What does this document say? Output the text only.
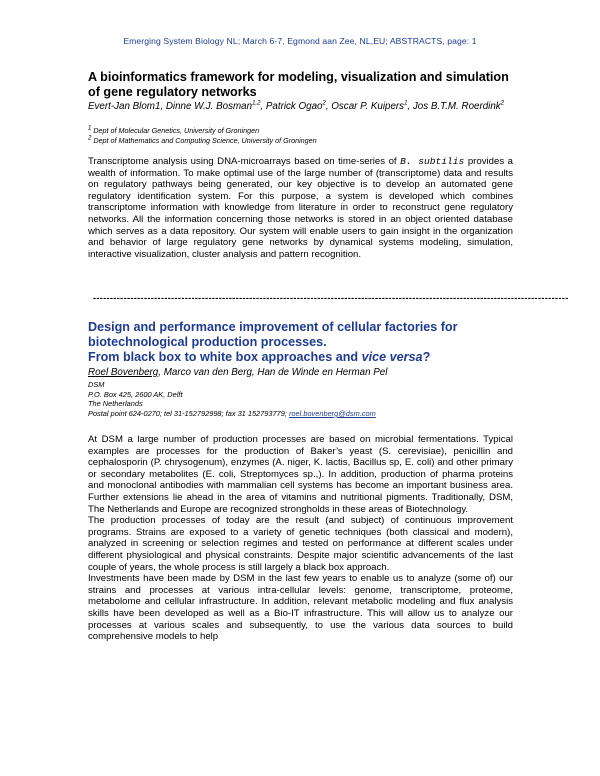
Emerging System Biology NL; March 6-7, Egmond aan Zee, NL,EU; ABSTRACTS, page: 1
A bioinformatics framework for modeling, visualization and simulation of gene regulatory networks
Evert-Jan Blom1, Dinne W.J. Bosman$^{1,2}$, Patrick Ogao$^2$, Oscar P. Kuipers$^1$, Jos B.T.M. Roerdink$^2$
$^1$ Dept of Molecular Genetics, University of Groningen
$^2$ Dept of Mathematics and Computing Science, University of Groningen
Transcriptome analysis using DNA-microarrays based on time-series of B. subtilis provides a wealth of information. To make optimal use of the large number of (transcriptome) data and results on regulatory pathways being generated, our key objective is to develop an automated gene regulatory identification system. For this purpose, a system is developed which combines transcriptome information with knowledge from literature in order to reconstruct gene regulatory networks. All the information concerning those networks is stored in an object oriented database which serves as a data repository. Our system will enable users to gain insight in the organization and behavior of large regulatory gene networks by dynamical systems modeling, simulation, interactive visualization, cluster analysis and pattern recognition.
--------------------------------------------------------------------------------------------------------------------------------------------
Design and performance improvement of cellular factories for biotechnological production processes.
From black box to white box approaches and vice versa?
Roel Bovenberg, Marco van den Berg, Han de Winde en Herman Pel
DSM
P.O. Box 425, 2600 AK, Delft
The Netherlands
Postal point 624-0270; tel 31-152792998; fax 31 152793779; roel.bovenberg@dsm.com

At DSM a large number of production processes are based on microbial fermentations. Typical examples are processes for the production of Baker’s yeast (S. cerevisiae), penicillin and cephalosporin (P. chrysogenum), enzymes (A. niger, K. lactis, Bacillus sp, E. coli) and other primary or secondary metabolites (E. coli, Streptomyces sp.,). In addition, production of pharma proteins and monoclonal antibodies with mammalian cell systems has become an important business area. Further extensions lie ahead in the area of vitamins and nutritional pigments. Traditionally, DSM, The Netherlands and Europe are recognized strongholds in these areas of Biotechnology.

The production processes of today are the result (and subject) of continuous improvement programs. Strains are exposed to a variety of genetic techniques (both classical and modern), analyzed in screening or selection regimes and tested on performance at different scales under different physiological and physical constraints. Despite major scientific advancements of the last couple of years, the whole process is still largely a black box approach.

Investments have been made by DSM in the last few years to enable us to analyze (some of) our strains and processes at various intra-cellular levels: genome, transcriptome, proteome, metabolome and cellular infrastructure. In addition, relevant metabolic modeling and flux analysis skills have been developed as well as a Bio-IT infrastructure. This will allow us to analyze our processes at various scales and subsequently, to use the various data sources to build comprehensive models to help
